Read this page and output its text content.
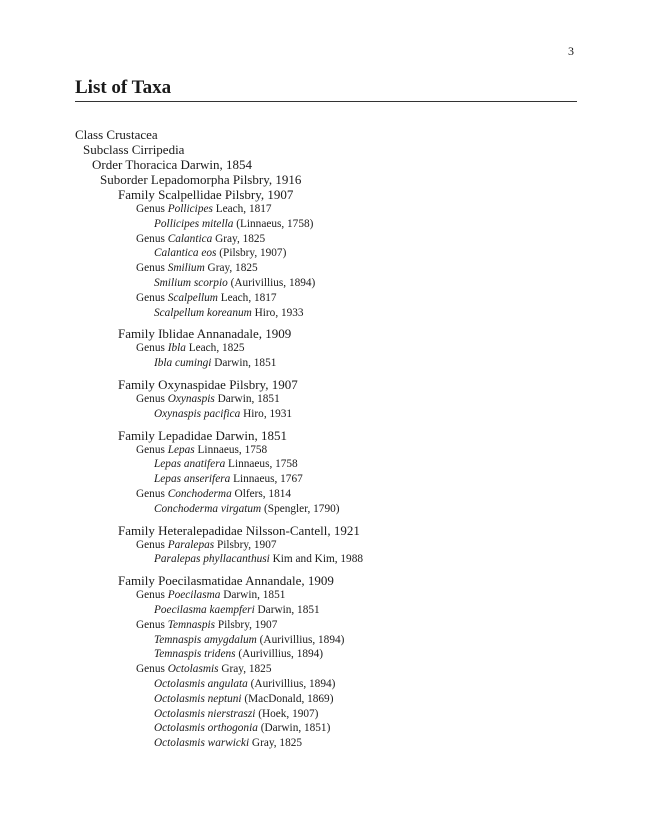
3
List of Taxa
Class Crustacea
Subclass Cirripedia
Order Thoracica Darwin, 1854
Suborder Lepadomorpha Pilsbry, 1916
Family Scalpellidae Pilsbry, 1907
Genus Pollicipes Leach, 1817
Pollicipes mitella (Linnaeus, 1758)
Genus Calantica Gray, 1825
Calantica eos (Pilsbry, 1907)
Genus Smilium Gray, 1825
Smilium scorpio (Aurivillius, 1894)
Genus Scalpellum Leach, 1817
Scalpellum koreanum Hiro, 1933
Family Iblidae Annanadale, 1909
Genus Ibla Leach, 1825
Ibla cumingi Darwin, 1851
Family Oxynaspidae Pilsbry, 1907
Genus Oxynaspis Darwin, 1851
Oxynaspis pacifica Hiro, 1931
Family Lepadidae Darwin, 1851
Genus Lepas Linnaeus, 1758
Lepas anatifera Linnaeus, 1758
Lepas anserifera Linnaeus, 1767
Genus Conchoderma Olfers, 1814
Conchoderma virgatum (Spengler, 1790)
Family Heteralepadidae Nilsson-Cantell, 1921
Genus Paralepas Pilsbry, 1907
Paralepas phyllacanthusi Kim and Kim, 1988
Family Poecilasmatidae Annandale, 1909
Genus Poecilasma Darwin, 1851
Poecilasma kaempferi Darwin, 1851
Genus Temnaspis Pilsbry, 1907
Temnaspis amygdalum (Aurivillius, 1894)
Temnaspis tridens (Aurivillius, 1894)
Genus Octolasmis Gray, 1825
Octolasmis angulata (Aurivillius, 1894)
Octolasmis neptuni (MacDonald, 1869)
Octolasmis nierstraszi (Hoek, 1907)
Octolasmis orthogonia (Darwin, 1851)
Octolasmis warwicki Gray, 1825
